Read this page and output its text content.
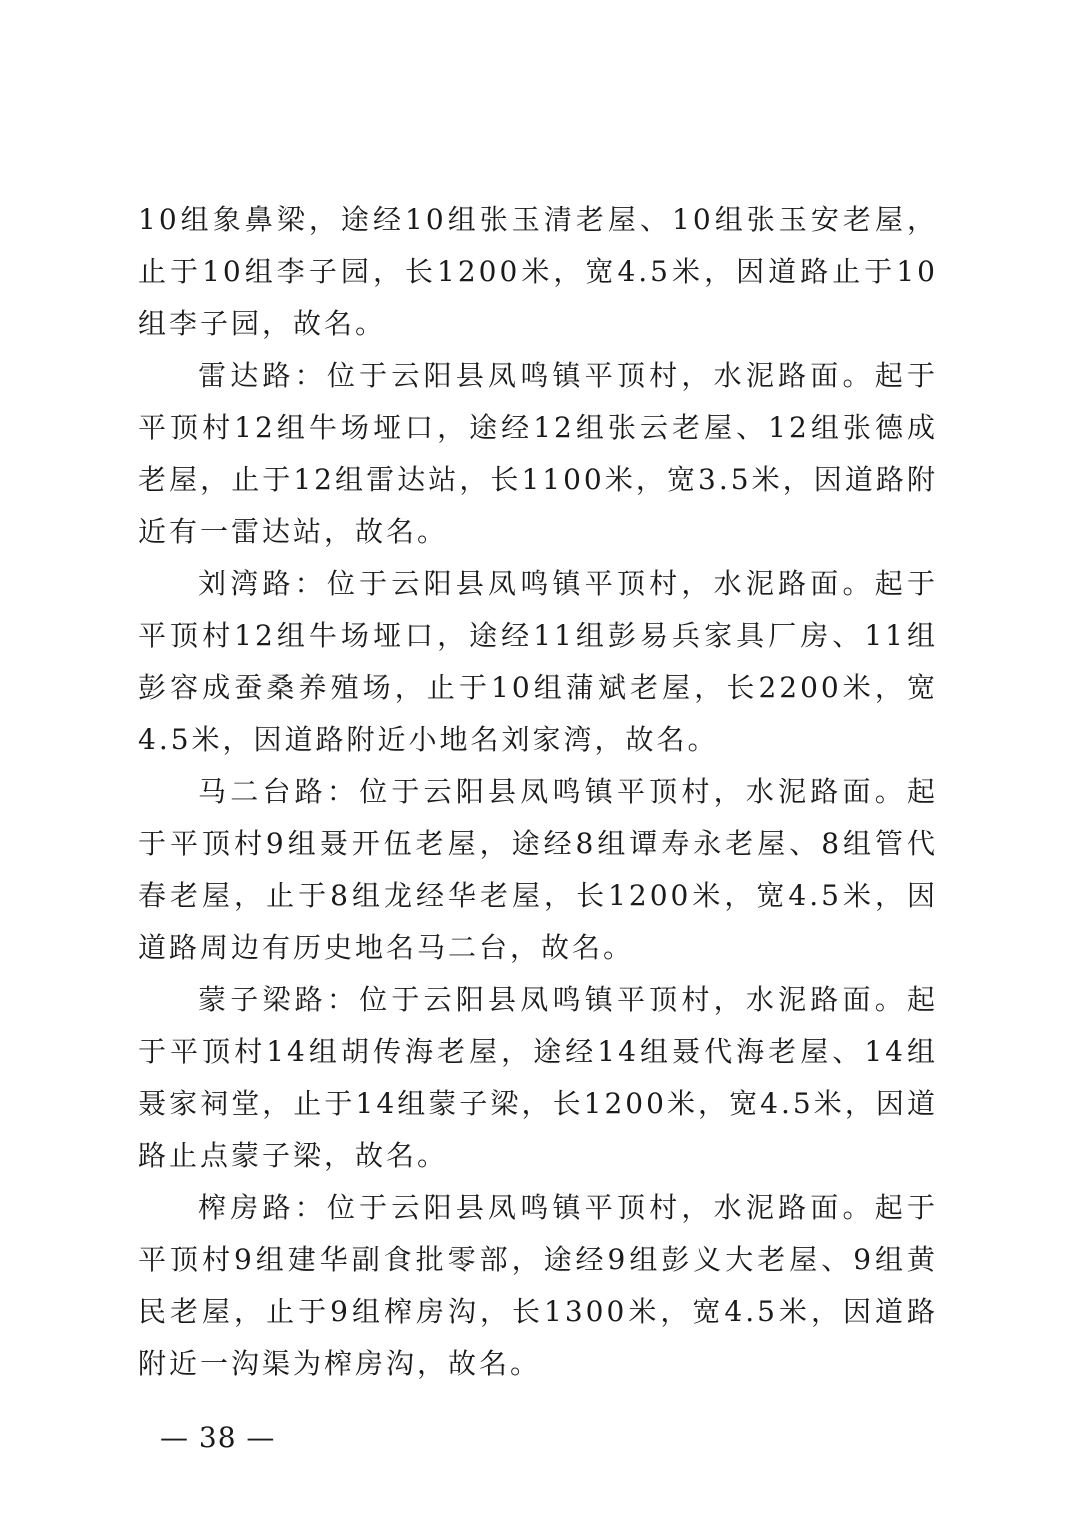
10组象鼻梁，途经10组张玉清老屋、10组张玉安老屋，止于10组李子园，长1200米，宽4.5米，因道路止于10组李子园，故名。

雷达路：位于云阳县凤鸣镇平顶村，水泥路面。起于平顶村12组牛场垭口，途经12组张云老屋、12组张德成老屋，止于12组雷达站，长1100米，宽3.5米，因道路附近有一雷达站，故名。

刘湾路：位于云阳县凤鸣镇平顶村，水泥路面。起于平顶村12组牛场垭口，途经11组彭易兵家具厂房、11组彭容成蚕桑养殖场，止于10组蒲斌老屋，长2200米，宽4.5米，因道路附近小地名刘家湾，故名。

马二台路：位于云阳县凤鸣镇平顶村，水泥路面。起于平顶村9组聂开伍老屋，途经8组谭寿永老屋、8组管代春老屋，止于8组龙经华老屋，长1200米，宽4.5米，因道路周边有历史地名马二台，故名。

蒙子梁路：位于云阳县凤鸣镇平顶村，水泥路面。起于平顶村14组胡传海老屋，途经14组聂代海老屋、14组聂家祠堂，止于14组蒙子梁，长1200米，宽4.5米，因道路止点蒙子梁，故名。

榨房路：位于云阳县凤鸣镇平顶村，水泥路面。起于平顶村9组建华副食批零部，途经9组彭义大老屋、9组黄民老屋，止于9组榨房沟，长1300米，宽4.5米，因道路附近一沟渠为榨房沟，故名。

— 38 —
